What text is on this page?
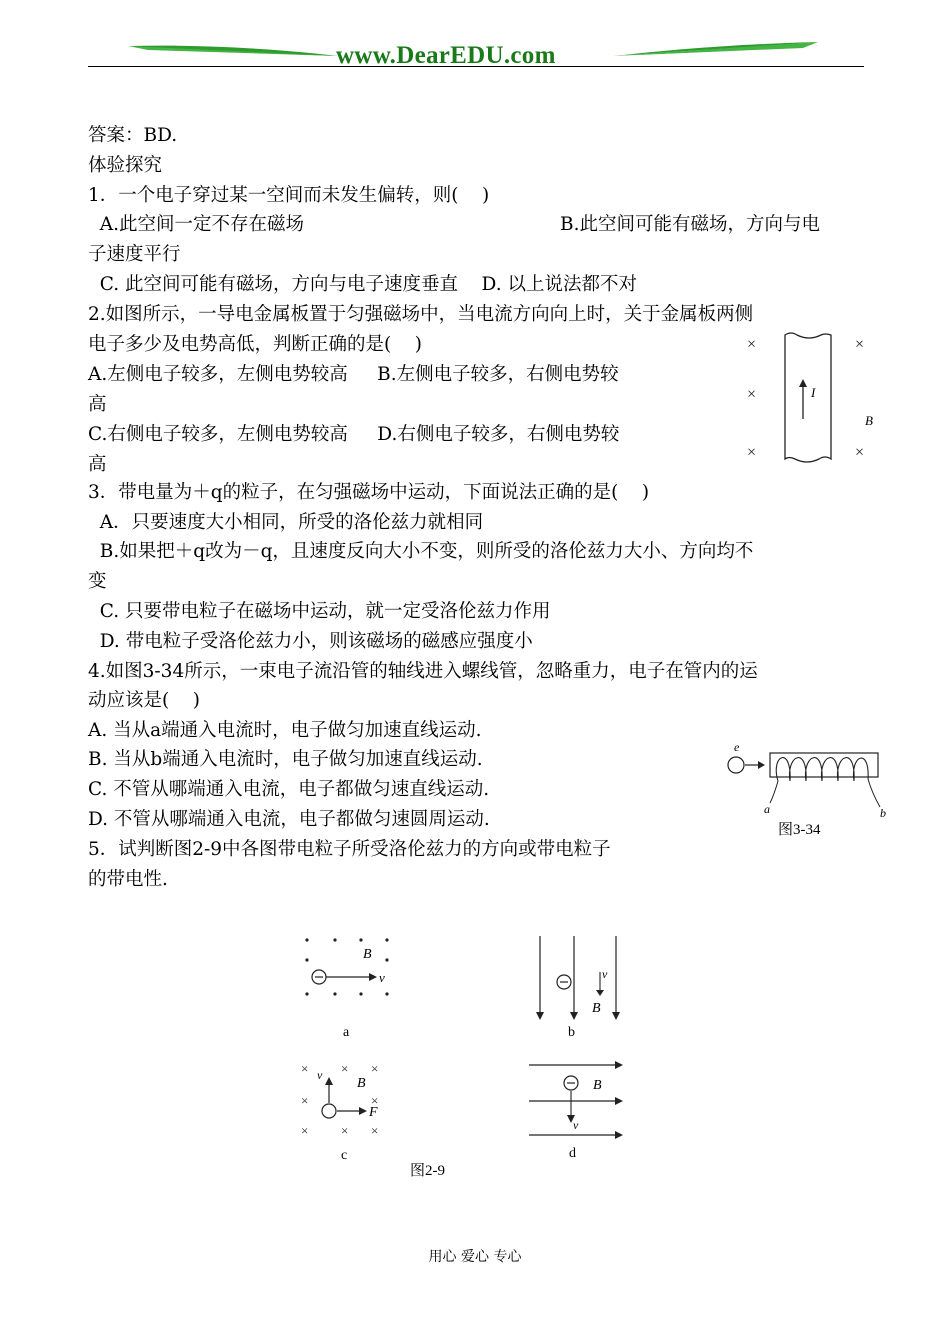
www.DearEDU.com
答案：BD.
体验探究
1．一个电子穿过某一空间而未发生偏转，则(    )
A.此空间一定不存在磁场	B.此空间可能有磁场，方向与电
子速度平行
C. 此空间可能有磁场，方向与电子速度垂直    D. 以上说法都不对
2.如图所示，一导电金属板置于匀强磁场中，当电流方向向上时，关于金属板两侧
电子多少及电势高低，判断正确的是(    )
A.左侧电子较多，左侧电势较高     B.左侧电子较多，右侧电势较
高
C.右侧电子较多，左侧电势较高     D.右侧电子较多，右侧电势较
高
3．带电量为＋q的粒子，在匀强磁场中运动，下面说法正确的是(    )
A．只要速度大小相同，所受的洛伦兹力就相同
B.如果把＋q改为－q，且速度反向大小不变，则所受的洛伦兹力大小、方向均不
变
C. 只要带电粒子在磁场中运动，就一定受洛伦兹力作用
D. 带电粒子受洛伦兹力小，则该磁场的磁感应强度小
4.如图3-34所示，一束电子流沿管的轴线进入螺线管，忽略重力，电子在管内的运
动应该是(    )
A. 当从a端通入电流时，电子做匀加速直线运动.
B. 当从b端通入电流时，电子做匀加速直线运动.
C. 不管从哪端通入电流，电子都做匀速直线运动.
D. 不管从哪端通入电流，电子都做匀速圆周运动.
5．试判断图2-9中各图带电粒子所受洛伦兹力的方向或带电粒子
的带电性.
×	×
×
×	×
I
B
e
a	b
图3-34
B
v
a
v
B
b
×	× ×
×	×
×	× ×
B
v
F
c
v
B
d
图2-9
用心 爱心 专心
